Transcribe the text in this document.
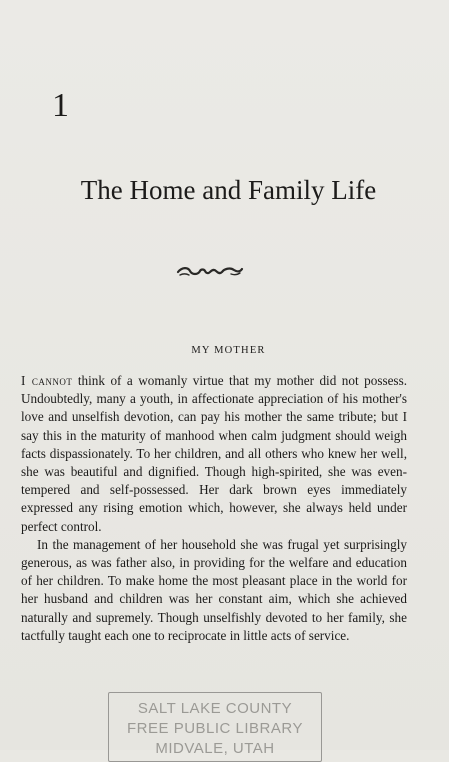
1
The Home and Family Life
MY MOTHER

I cannot think of a womanly virtue that my mother did not possess. Undoubtedly, many a youth, in affectionate appreciation of his mother's love and unselfish devotion, can pay his mother the same tribute; but I say this in the maturity of manhood when calm judgment should weigh facts dispassionately. To her children, and all others who knew her well, she was beautiful and dignified. Though high-spirited, she was even-tempered and self-possessed. Her dark brown eyes immediately expressed any rising emotion which, however, she always held under perfect control.

In the management of her household she was frugal yet surprisingly generous, as was father also, in providing for the welfare and education of her children. To make home the most pleasant place in the world for her husband and children was her constant aim, which she achieved naturally and supremely. Though unselfishly devoted to her family, she tactfully taught each one to reciprocate in little acts of service.

SALT LAKE COUNTY
FREE PUBLIC LIBRARY
MIDVALE, UTAH
